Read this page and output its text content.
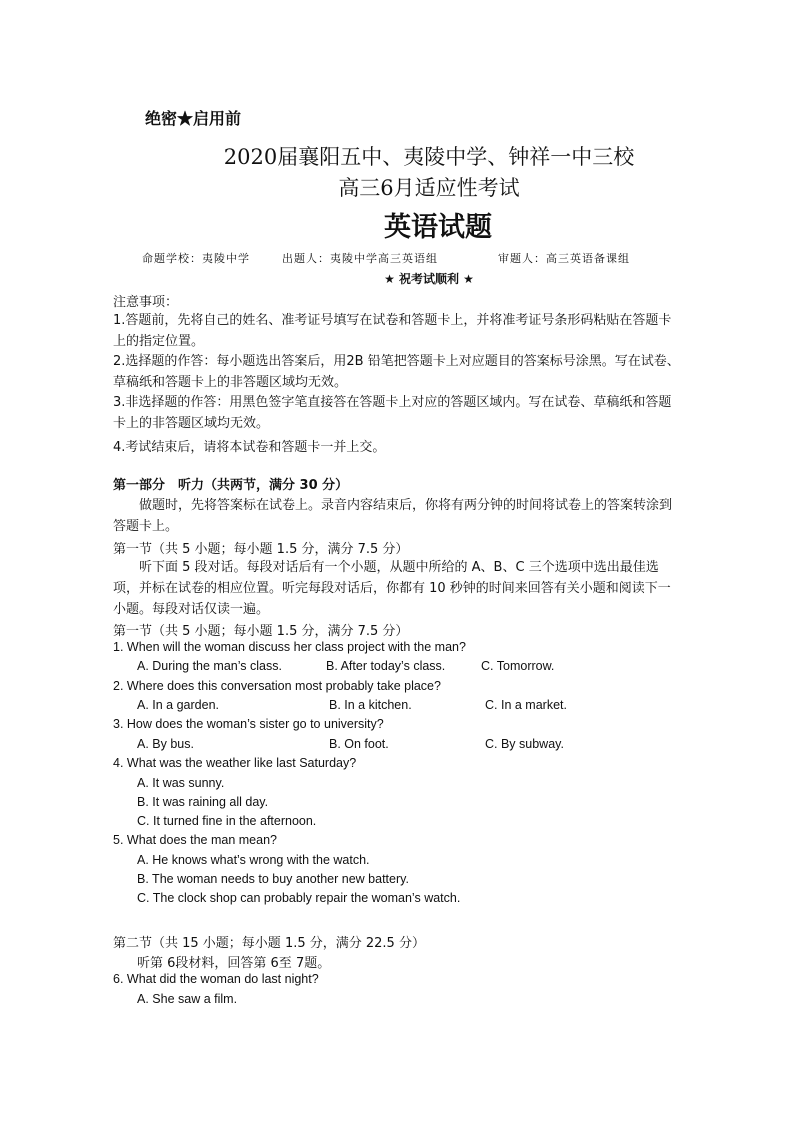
绝密★启用前
2020届襄阳五中、夷陵中学、钟祥一中三校
高三6月适应性考试
英语试题
命题学校：夷陵中学	出题人：夷陵中学高三英语组	审题人：高三英语备课组
★ 祝考试顺利 ★
注意事项：
1.答题前，先将自己的姓名、准考证号填写在试卷和答题卡上，并将准考证号条形码粘贴在答题卡上的指定位置。
2.选择题的作答：每小题选出答案后，用2B 铅笔把答题卡上对应题目的答案标号涂黑。写在试卷、草稿纸和答题卡上的非答题区域均无效。
3.非选择题的作答：用黑色签字笔直接答在答题卡上对应的答题区域内。写在试卷、草稿纸和答题卡上的非答题区域均无效。
4.考试结束后，请将本试卷和答题卡一并上交。
第一部分　听力（共两节，满分 30 分）
做题时，先将答案标在试卷上。录音内容结束后，你将有两分钟的时间将试卷上的答案转涂到答题卡上。
第一节（共 5 小题；每小题 1.5 分，满分 7.5 分）
听下面 5 段对话。每段对话后有一个小题，从题中所给的 A、B、C 三个选项中选出最佳选项，并标在试卷的相应位置。听完每段对话后，你都有 10 秒钟的时间来回答有关小题和阅读下一小题。每段对话仅读一遍。
第一节（共 5 小题；每小题 1.5 分，满分 7.5 分）
1. When will the woman discuss her class project with the man?
A. During the man’s class.	B. After today’s class.	C. Tomorrow.
2. Where does this conversation most probably take place?
A. In a garden.	B. In a kitchen.	C. In a market.
3. How does the woman’s sister go to university?
A. By bus.	B. On foot.	C. By subway.
4. What was the weather like last Saturday?
A. It was sunny.
B. It was raining all day.
C. It turned fine in the afternoon.
5. What does the man mean?
A. He knows what’s wrong with the watch.
B. The woman needs to buy another new battery.
C. The clock shop can probably repair the woman’s watch.
第二节（共 15 小题；每小题 1.5 分，满分 22.5 分）
听第 6段材料，回答第 6至 7题。
6. What did the woman do last night?
A. She saw a film.
